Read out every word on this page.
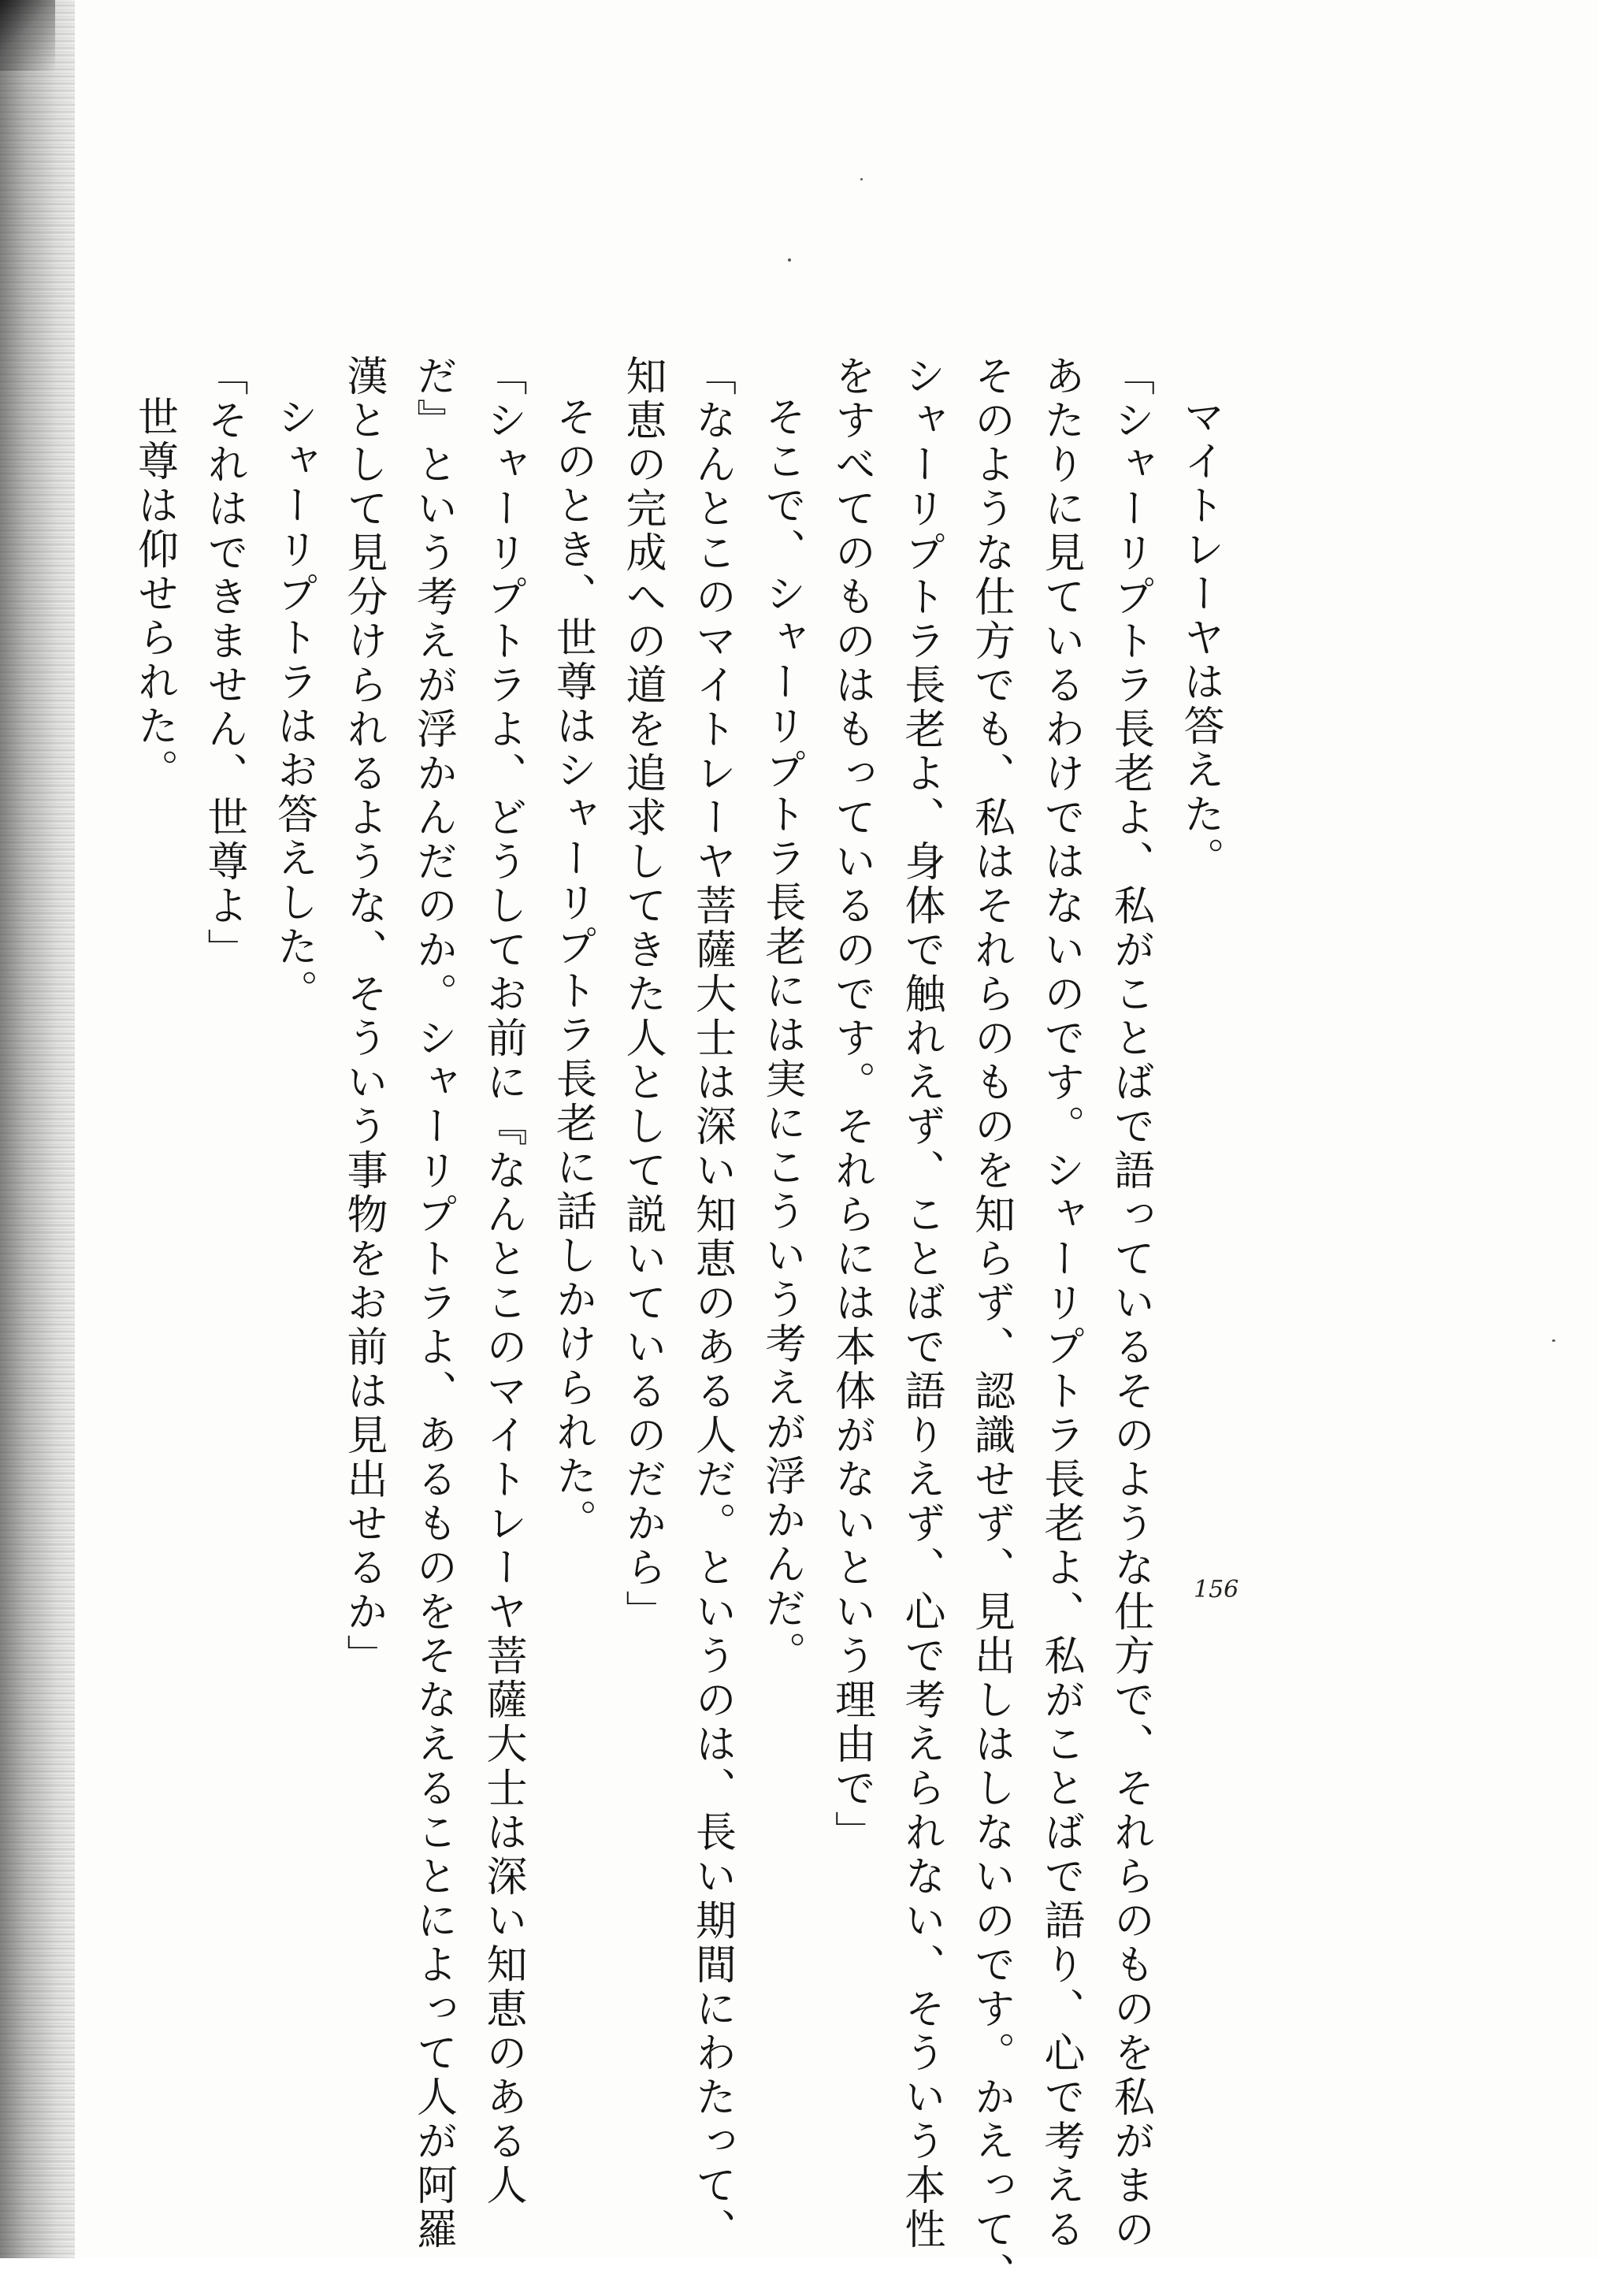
マイトレーヤは答えた。
「シャーリプトラ長老よ、私がことばで語っているそのような仕方で、それらのものを私がまの
あたりに見ているわけではないのです。シャーリプトラ長老よ、私がことばで語り、心で考える
そのような仕方でも、私はそれらのものを知らず、認識せず、見出しはしないのです。かえって、
シャーリプトラ長老よ、身体で触れえず、ことばで語りえず、心で考えられない、そういう本性
をすべてのものはもっているのです。それらには本体がないという理由で」
そこで、シャーリプトラ長老には実にこういう考えが浮かんだ。
「なんとこのマイトレーヤ菩薩大士は深い知恵のある人だ。というのは、長い期間にわたって、
知恵の完成への道を追求してきた人として説いているのだから」
そのとき、世尊はシャーリプトラ長老に話しかけられた。
「シャーリプトラよ、どうしてお前に『なんとこのマイトレーヤ菩薩大士は深い知恵のある人
だ』という考えが浮かんだのか。シャーリプトラよ、あるものをそなえることによって人が阿羅
漢として見分けられるような、そういう事物をお前は見出せるか」
シャーリプトラはお答えした。
「それはできません、世尊よ」
世尊は仰せられた。
156
